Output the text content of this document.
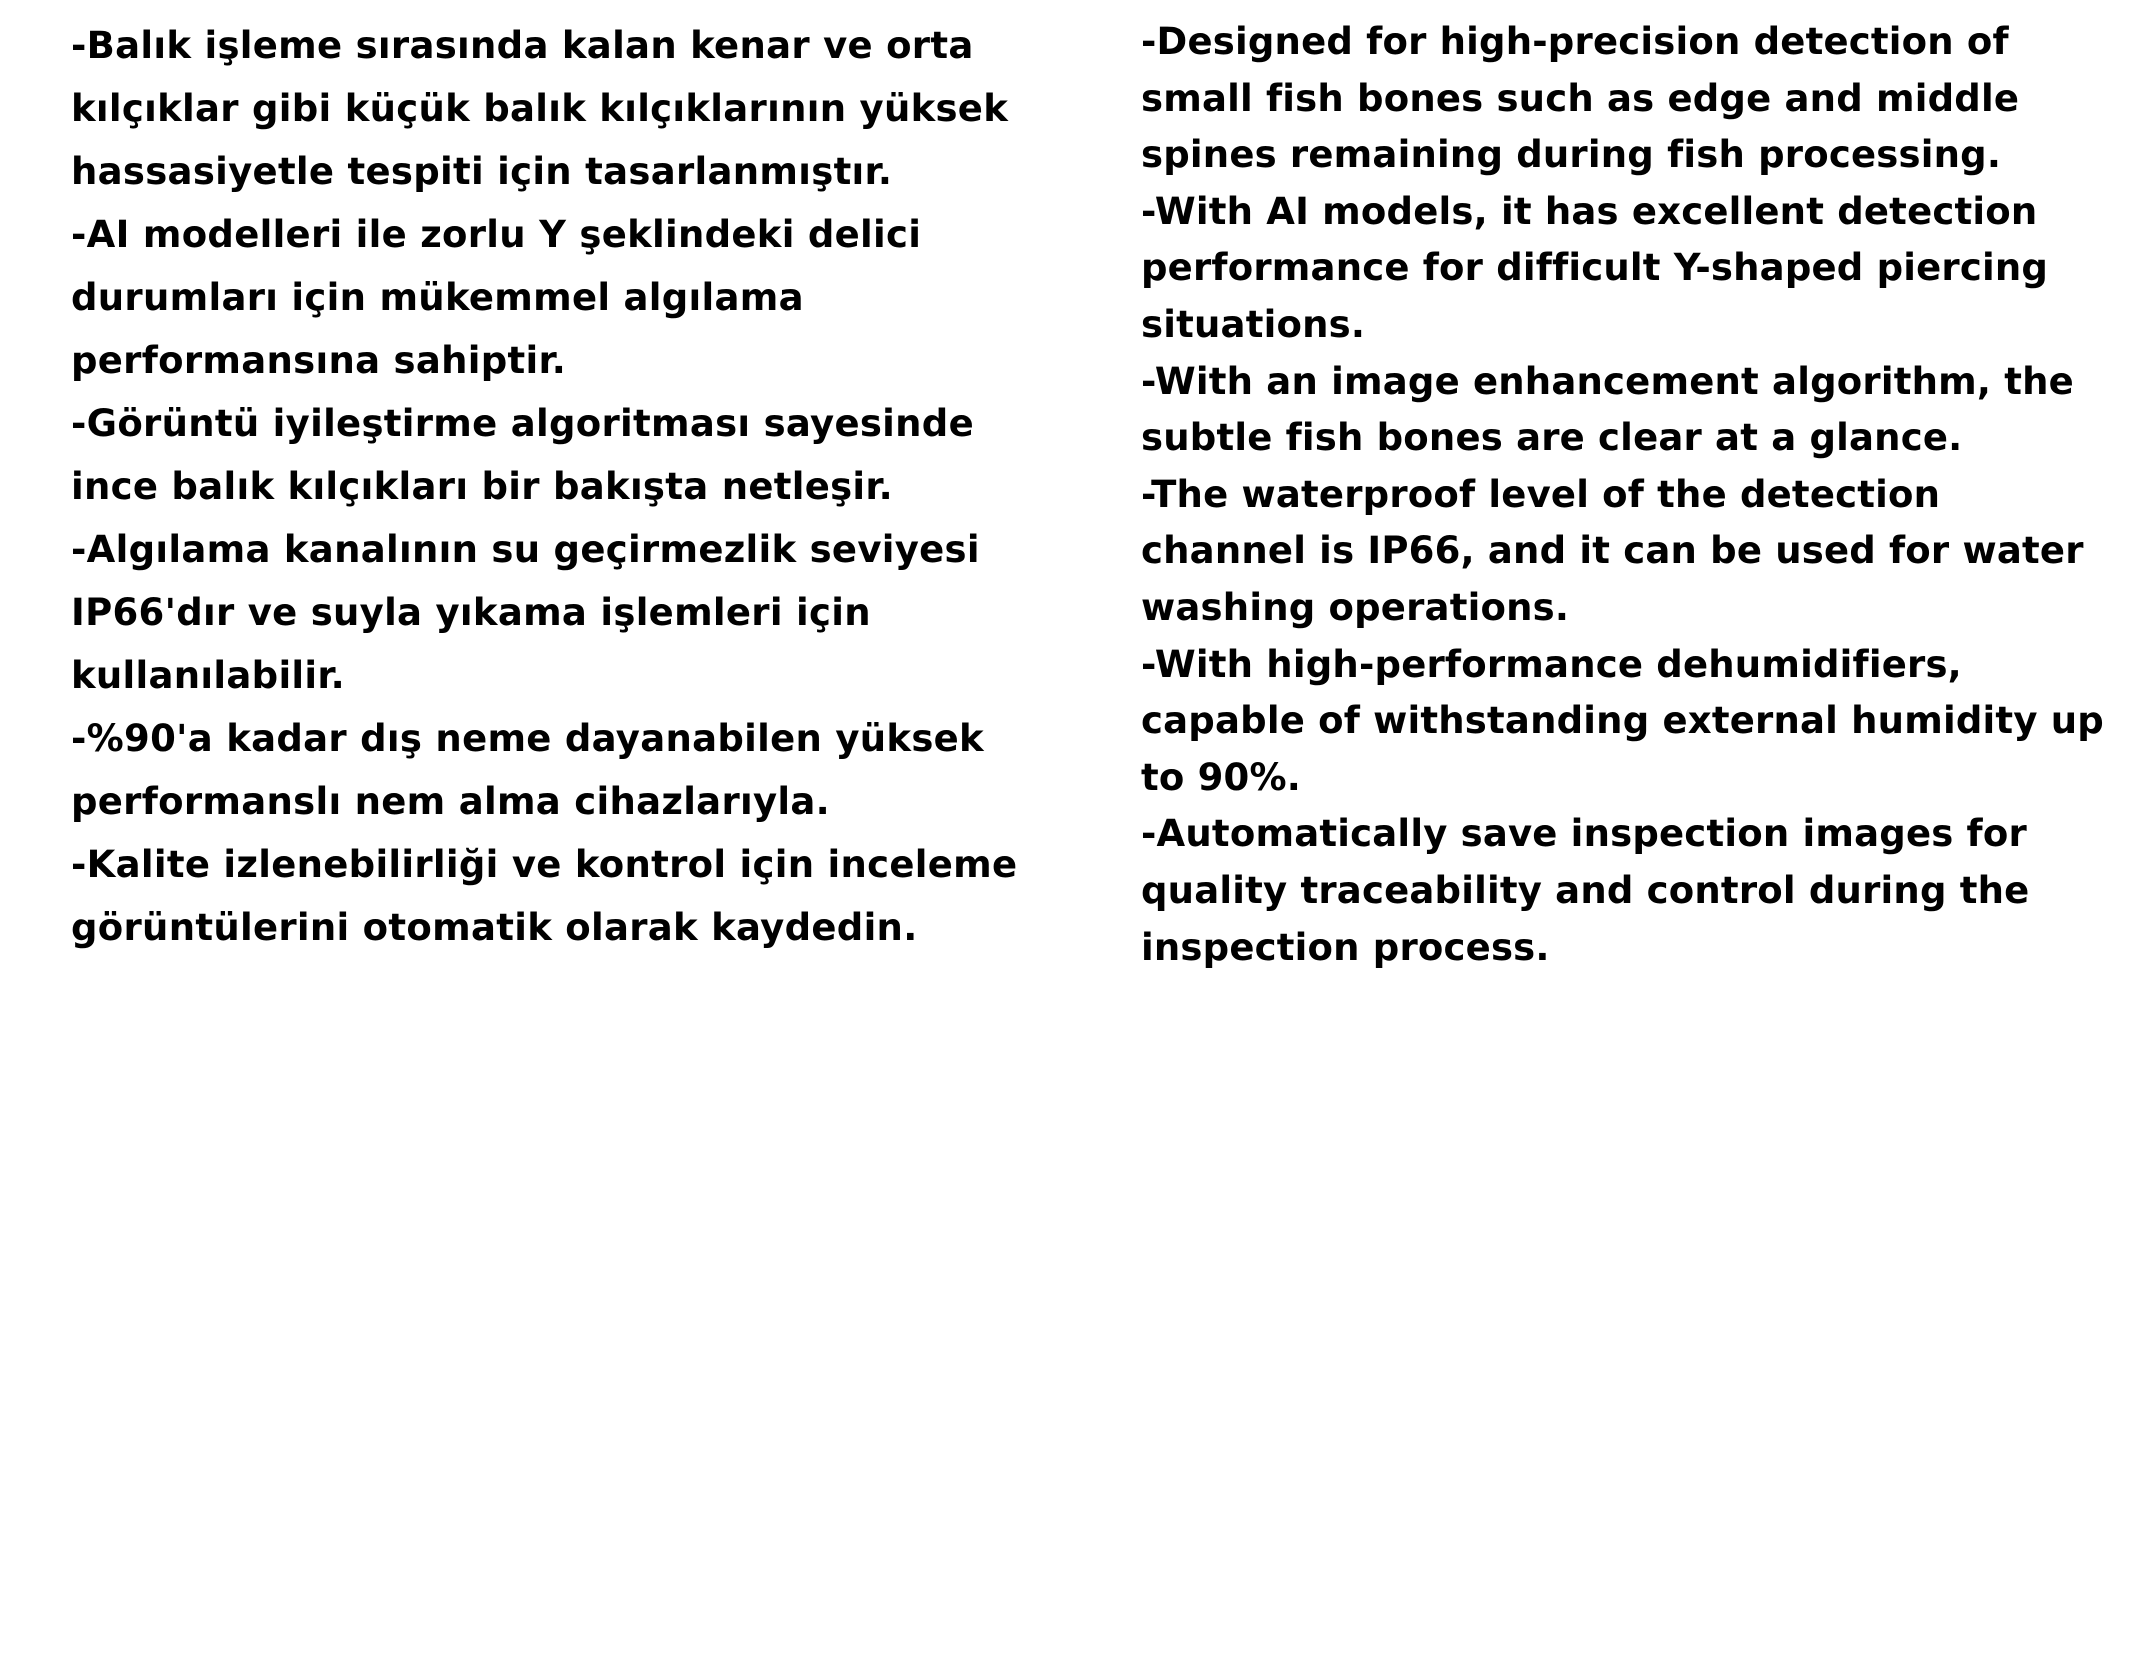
-Balık işleme sırasında kalan kenar ve orta

kılçıklar gibi küçük balık kılçıklarının yüksek

hassasiyetle tespiti için tasarlanmıştır.

-AI modelleri ile zorlu Y şeklindeki delici

durumları için mükemmel algılama

performansına sahiptir.

-Görüntü iyileştirme algoritması sayesinde

ince balık kılçıkları bir bakışta netleşir.

-Algılama kanalının su geçirmezlik seviyesi

IP66'dır ve suyla yıkama işlemleri için

kullanılabilir.

-%90'a kadar dış neme dayanabilen yüksek

performanslı nem alma cihazlarıyla.

-Kalite izlenebilirliği ve kontrol için inceleme

görüntülerini otomatik olarak kaydedin.

-Designed for high-precision detection of

small fish bones such as edge and middle

spines remaining during fish processing.

-With AI models, it has excellent detection

performance for difficult Y-shaped piercing

situations.

-With an image enhancement algorithm, the

subtle fish bones are clear at a glance.

-The waterproof level of the detection

channel is IP66, and it can be used for water

washing operations.

-With high-performance dehumidifiers,

capable of withstanding external humidity up

to 90%.

-Automatically save inspection images for

quality traceability and control during the

inspection process.
